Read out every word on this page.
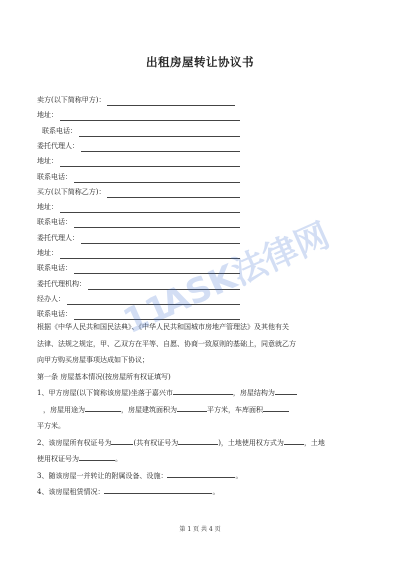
出租房屋转让协议书
卖方(以下简称甲方)：
地址：
联系电话：
委托代理人：
地址：
联系电话：
买方(以下简称乙方)：
地址：
联系电话：
委托代理人：
地址：
联系电话：
委托代理机构：
经办人：
联系电话：
根据《中华人民共和国民法典》、《中华人民共和国城市房地产管理法》及其他有关
法律、法规之规定，甲、乙双方在平等、自愿、协商一致原则的基础上，同意就乙方
向甲方购买房屋事项达成如下协议；
第一条 房屋基本情况(按房屋所有权证填写)
1、甲方房屋(以下简称该房屋)坐落于嘉兴市	，房屋结构为
，房屋用途为	，房屋建筑面积为	平方米，车库面积
平方米。
2、该房屋所有权证号为	(共有权证号为	)，土地使用权方式为	，土地
使用权证号为	。
3、随该房屋一并转让的附属设备、设施：	。
4、该房屋租赁情况：	。
11
ASK法律网
第 1 页 共 4 页
